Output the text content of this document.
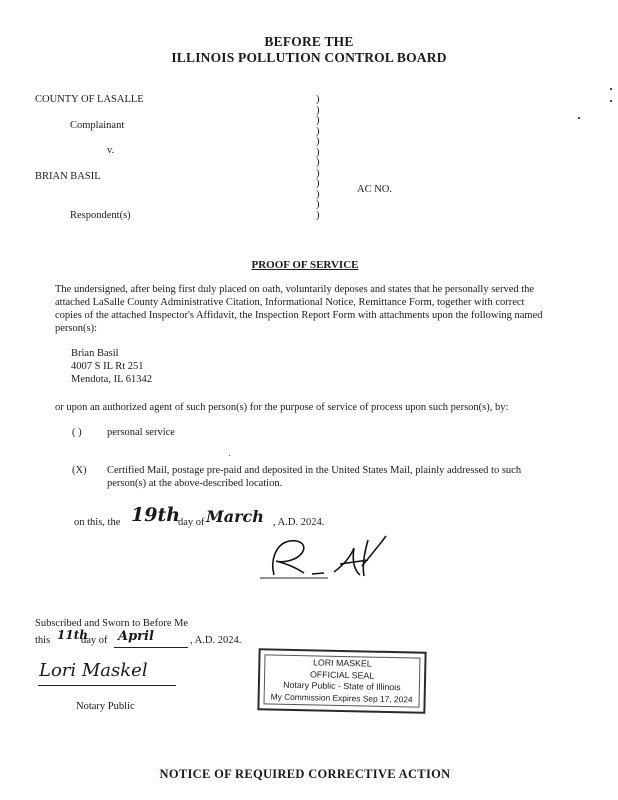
BEFORE THE
ILLINOIS POLLUTION CONTROL BOARD
COUNTY OF LASALLE
Complainant
v.
BRIAN BASIL
Respondent(s)
)
)
)
)
)
)
)
)
)
)
)
)
AC NO.
PROOF OF SERVICE
The undersigned, after being first duly placed on oath, voluntarily deposes and states that he personally served the
attached LaSalle County Administrative Citation, Informational Notice, Remittance Form, together with correct
copies of the attached Inspector's Affidavit, the Inspection Report Form with attachments upon the following named
person(s):
Brian Basil
4007 S IL Rt 251
Mendota, IL 61342
or upon an authorized agent of such person(s) for the purpose of service of process upon such person(s), by:
( ) personal service
(X) Certified Mail, postage pre-paid and deposited in the United States Mail, plainly addressed to such
person(s) at the above-described location.
on this, the 19th
day of March , A.D. 2024.
Subscribed and Sworn to Before Me
this 11th
day of April	, A.D. 2024.
Lori Maskel
Notary Public
LORI MASKEL
OFFICIAL SEAL
Notary Public - State of Illinois
My Commission Expires Sep 17, 2024
NOTICE OF REQUIRED CORRECTIVE ACTION
